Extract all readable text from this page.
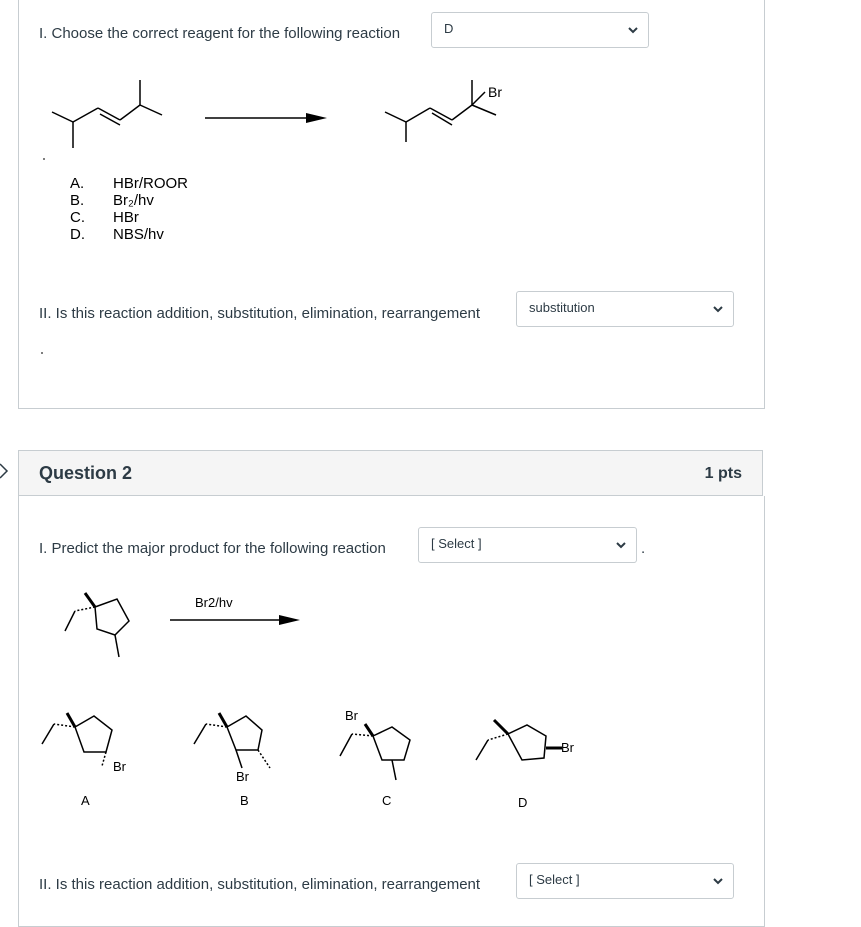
I. Choose the correct reagent for the following reaction	D
Br
A. HBr/ROOR
B. Br₂/hv
C. HBr
D. NBS/hv
II. Is this reaction addition, substitution, elimination, rearrangement	substitution
Question 2	1 pts
I. Predict the major product for the following reaction	[ Select ]	.
Br2/hv
Br
A
Br
B
Br
C
Br
D
II. Is this reaction addition, substitution, elimination, rearrangement	[ Select ]
